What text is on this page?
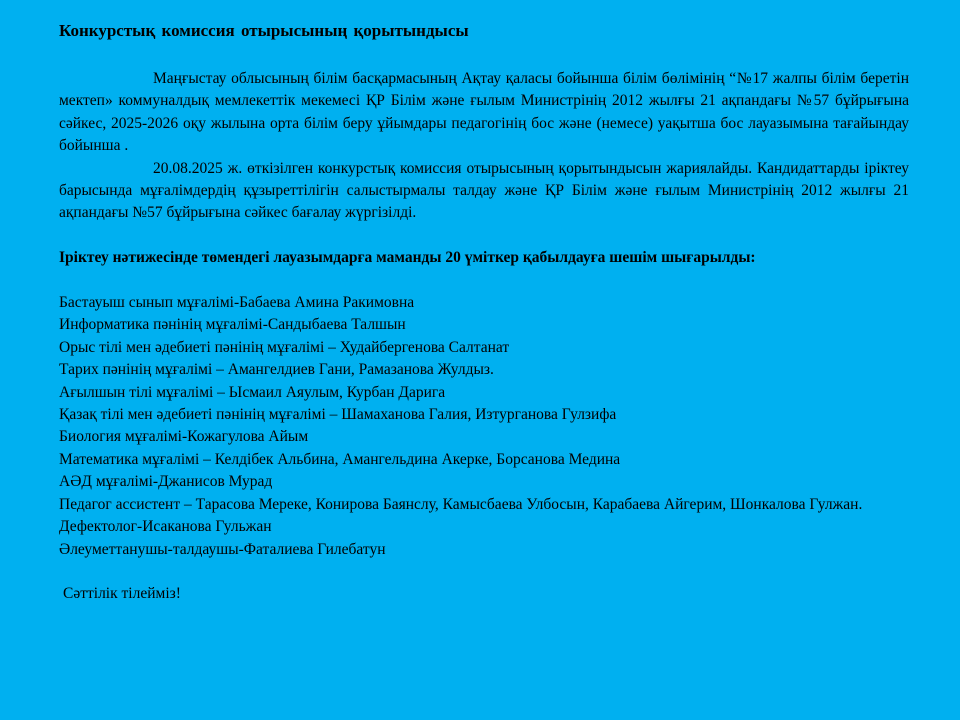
Конкурстық комиссия отырысының қорытындысы

Маңғыстау облысының білім басқармасының Ақтау қаласы бойынша білім бөлімінің “№17 жалпы білім беретін мектеп» коммуналдық мемлекеттік мекемесі ҚР Білім және ғылым Министрінің 2012 жылғы 21 ақпандағы №57 бұйрығына сәйкес, 2025-2026 оқу жылына орта білім беру ұйымдары педагогінің бос және (немесе) уақытша бос лауазымына тағайындау бойынша .

20.08.2025 ж. өткізілген конкурстық комиссия отырысының қорытындысын жариялайды. Кандидаттарды іріктеу барысында мұғалімдердің құзыреттілігін салыстырмалы талдау және ҚР Білім және ғылым Министрінің 2012 жылғы 21 ақпандағы №57 бұйрығына сәйкес бағалау жүргізілді.

Іріктеу нәтижесінде төмендегі лауазымдарға маманды 20 үміткер қабылдауға шешім шығарылды:

Бастауыш сынып мұғалімі-Бабаева Амина Ракимовна
Информатика пәнінің мұғалімі-Сандыбаева Талшын
Орыс тілі мен әдебиеті пәнінің мұғалімі – Худайбергенова Салтанат
Тарих пәнінің мұғалімі – Амангелдиев Гани, Рамазанова Жулдыз.
Ағылшын тілі мұғалімі – Ысмаил Аяулым, Курбан Дарига
Қазақ тілі мен әдебиеті пәнінің мұғалімі – Шамаханова Галия, Изтурганова Гулзифа
Биология мұғалімі-Кожагулова Айым
Математика мұғалімі – Келдібек Альбина, Амангельдина Акерке, Борсанова Медина
АӘД мұғалімі-Джанисов Мурад
Педагог ассистент – Тарасова Мереке, Конирова Баянслу, Камысбаева Улбосын, Карабаева Айгерим, Шонкалова Гулжан.
Дефектолог-Исаканова Гульжан
Әлеуметтанушы-талдаушы-Фаталиева Гилебатун

Сәттілік тілейміз!
